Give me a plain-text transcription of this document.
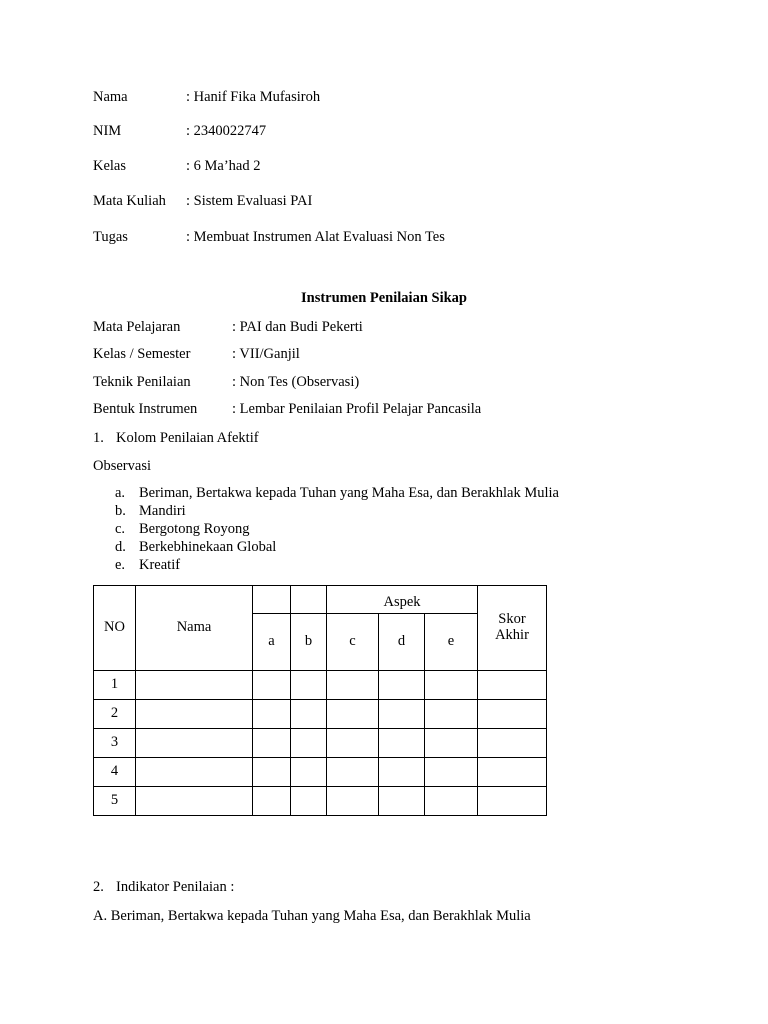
Nama	: Hanif Fika Mufasiroh
NIM	: 2340022747
Kelas	: 6 Ma’had 2
Mata Kuliah : Sistem Evaluasi PAI
Tugas	: Membuat Instrumen Alat Evaluasi Non Tes
Instrumen Penilaian Sikap
Mata Pelajaran	: PAI dan Budi Pekerti
Kelas / Semester	: VII/Ganjil
Teknik Penilaian	: Non Tes (Observasi)
Bentuk Instrumen : Lembar Penilaian Profil Pelajar Pancasila
1. Kolom Penilaian Afektif
Observasi
a. Beriman, Bertakwa kepada Tuhan yang Maha Esa, dan Berakhlak Mulia
b. Mandiri
c. Bergotong Royong
d. Berkebhinekaan Global
e. Kreatif
NO	Nama			Aspek			Skor Akhir
		a	b	c	d	e	
1							
2							
3							
4							
5							
2. Indikator Penilaian :
A. Beriman, Bertakwa kepada Tuhan yang Maha Esa, dan Berakhlak Mulia
